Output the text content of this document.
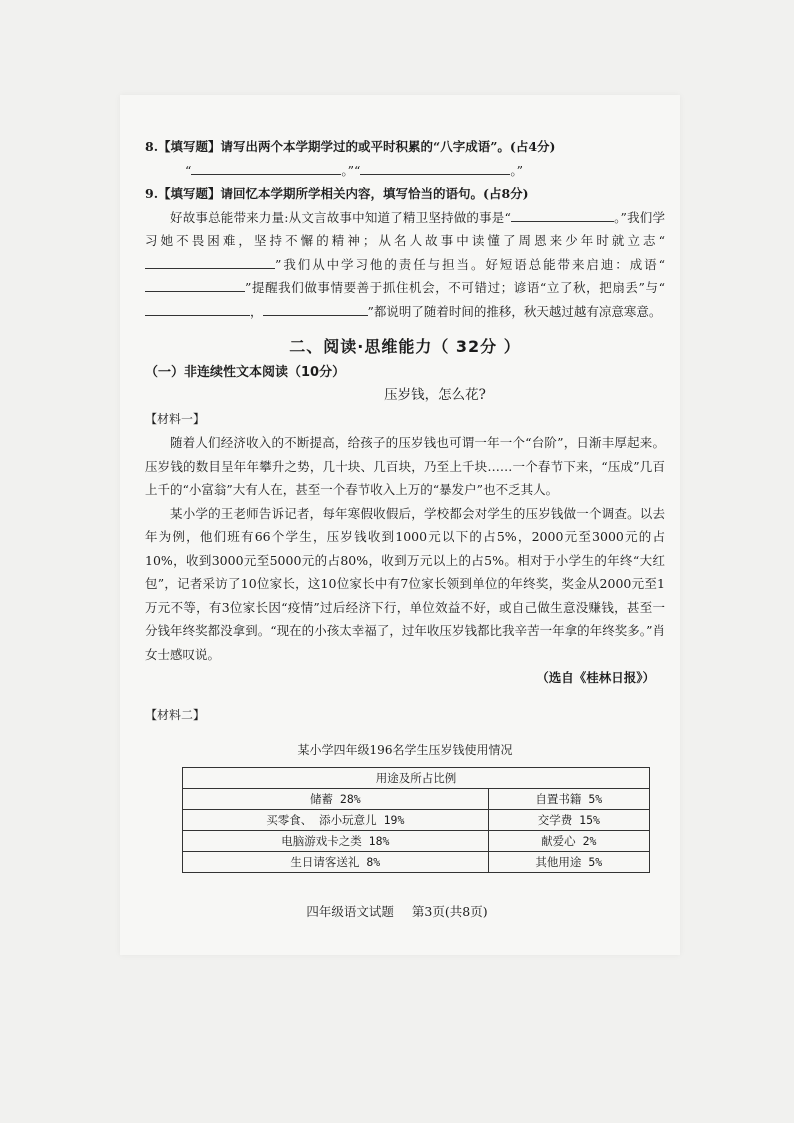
8.【填写题】请写出两个本学期学过的或平时积累的“八字成语”。(占4分)
“	。”“	。”
9.【填写题】请回忆本学期所学相关内容，填写恰当的语句。(占8分)

好故事总能带来力量:从文言故事中知道了精卫坚持做的事是“	。”我们学习她不畏困难，坚持不懈的精神；从名人故事中读懂了周恩来少年时就立志“”我们从中学习他的责任与担当。好短语总能带来启迪：成语“”提醒我们做事情要善于抓住机会，不可错过；谚语“立了秋，把扇丢”与“，	”都说明了随着时间的推移，秋天越过越有凉意寒意。

二、阅读·思维能力（ 32分 ）
（一）非连续性文本阅读（10分）
压岁钱，怎么花?
【材料一】

随着人们经济收入的不断提高，给孩子的压岁钱也可谓一年一个“台阶”，日渐丰厚起来。压岁钱的数目呈年年攀升之势，几十块、几百块，乃至上千块……一个春节下来，“压成”几百上千的“小富翁”大有人在，甚至一个春节收入上万的“暴发户”也不乏其人。

某小学的王老师告诉记者，每年寒假收假后，学校都会对学生的压岁钱做一个调查。以去年为例，他们班有66个学生，压岁钱收到1000元以下的占5%，2000元至3000元的占10%，收到3000元至5000元的占80%，收到万元以上的占5%。相对于小学生的年终“大红包”，记者采访了10位家长，这10位家长中有7位家长领到单位的年终奖，奖金从2000元至1万元不等，有3位家长因“疫情”过后经济下行，单位效益不好，或自己做生意没赚钱，甚至一分钱年终奖都没拿到。“现在的小孩太幸福了，过年收压岁钱都比我辛苦一年拿的年终奖多。”肖女士感叹说。

（选自《桂林日报》）
【材料二】
某小学四年级196名学生压岁钱使用情况
用途及所占比例	
储蓄 28%	自置书籍 5%
买零食、 添小玩意儿 19%	交学费 15%
电脑游戏卡之类 18%	献爱心 2%
生日请客送礼 8%	其他用途 5%
四年级语文试题 第3页(共8页)
